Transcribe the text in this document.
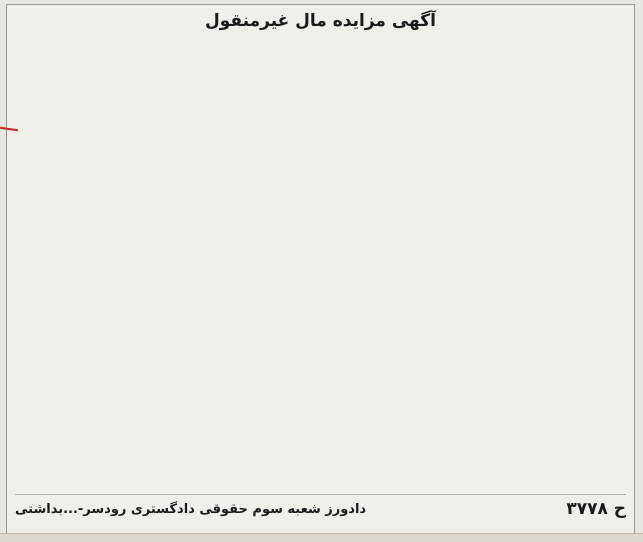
آگهی مزایده مال غیرمنقول
ح ۳۷۷۸
دادورز شعبه سوم حقوقی دادگستری رودسر-...بداشتی
